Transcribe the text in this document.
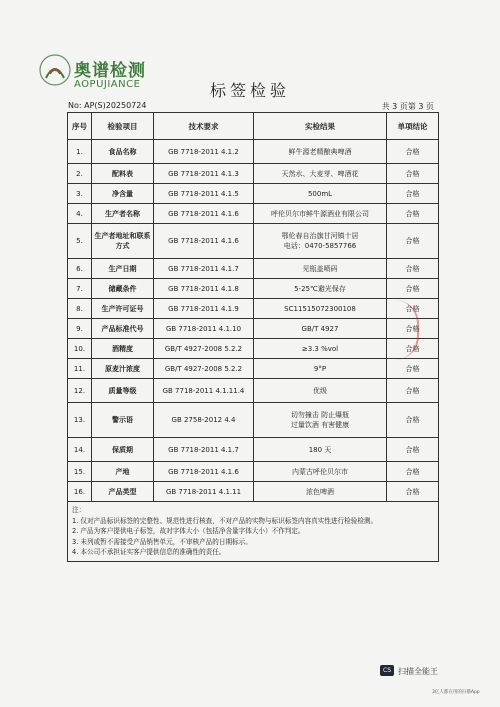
奥谱检测
AOPUJIANCE	标签检验
No: AP(S)20250724	共 3 页第 3 页
序号	检验项目	技术要求	实检结果	单项结论
1.	食品名称	GB 7718-2011 4.1.2	鲜牛源老精酿典啤酒	合格
2.	配料表	GB 7718-2011 4.1.3	天然水、大麦芽、啤酒花	合格
3.	净含量	GB 7718-2011 4.1.5	500mL	合格
4.	生产者名称	GB 7718-2011 4.1.6	呼伦贝尔市鲜牛源酒业有限公司	合格
5.	生产者地址和联系方式	GB 7718-2011 4.1.6	鄂伦春自治旗甘河镇十居
电话：0470-5857766	合格
6.	生产日期	GB 7718-2011 4.1.7	见瓶盖喷码	合格
7.	储藏条件	GB 7718-2011 4.1.8	5-25℃避光保存	合格
8.	生产许可证号	GB 7718-2011 4.1.9	SC11515072300108	合格
9.	产品标准代号	GB 7718-2011 4.1.10	GB/T 4927	合格
10.	酒精度	GB/T 4927-2008 5.2.2	≥3.3 %vol	合格
11.	原麦汁浓度	GB/T 4927-2008 5.2.2	9°P	合格
12.	质量等级	GB 7718-2011 4.1.11.4	优级	合格
13.	警示语	GB 2758-2012 4.4	切勿撞击 防止爆瓶
过量饮酒 有害健康	合格
14.	保质期	GB 7718-2011 4.1.7	180 天	合格
15.	产地	GB 7718-2011 4.1.6	内蒙古呼伦贝尔市	合格
16.	产品类型	GB 7718-2011 4.1.11	浓色啤酒	合格

注：
1. 仅对产品标识标签的完整性、规范性进行核查，不对产品的实物与标识标签内容真实性进行检验检测。
2. 产品为客户提供电子标签，故对字体大小（包括净含量字体大小）不作判定。
3. 未列或暂不需接受产品销售单元，不审核产品的日期标示。
4. 本公司不承担证实客户提供信息的准确性的责任。				
CS 扫描全能王
3亿人都在用的扫描App
